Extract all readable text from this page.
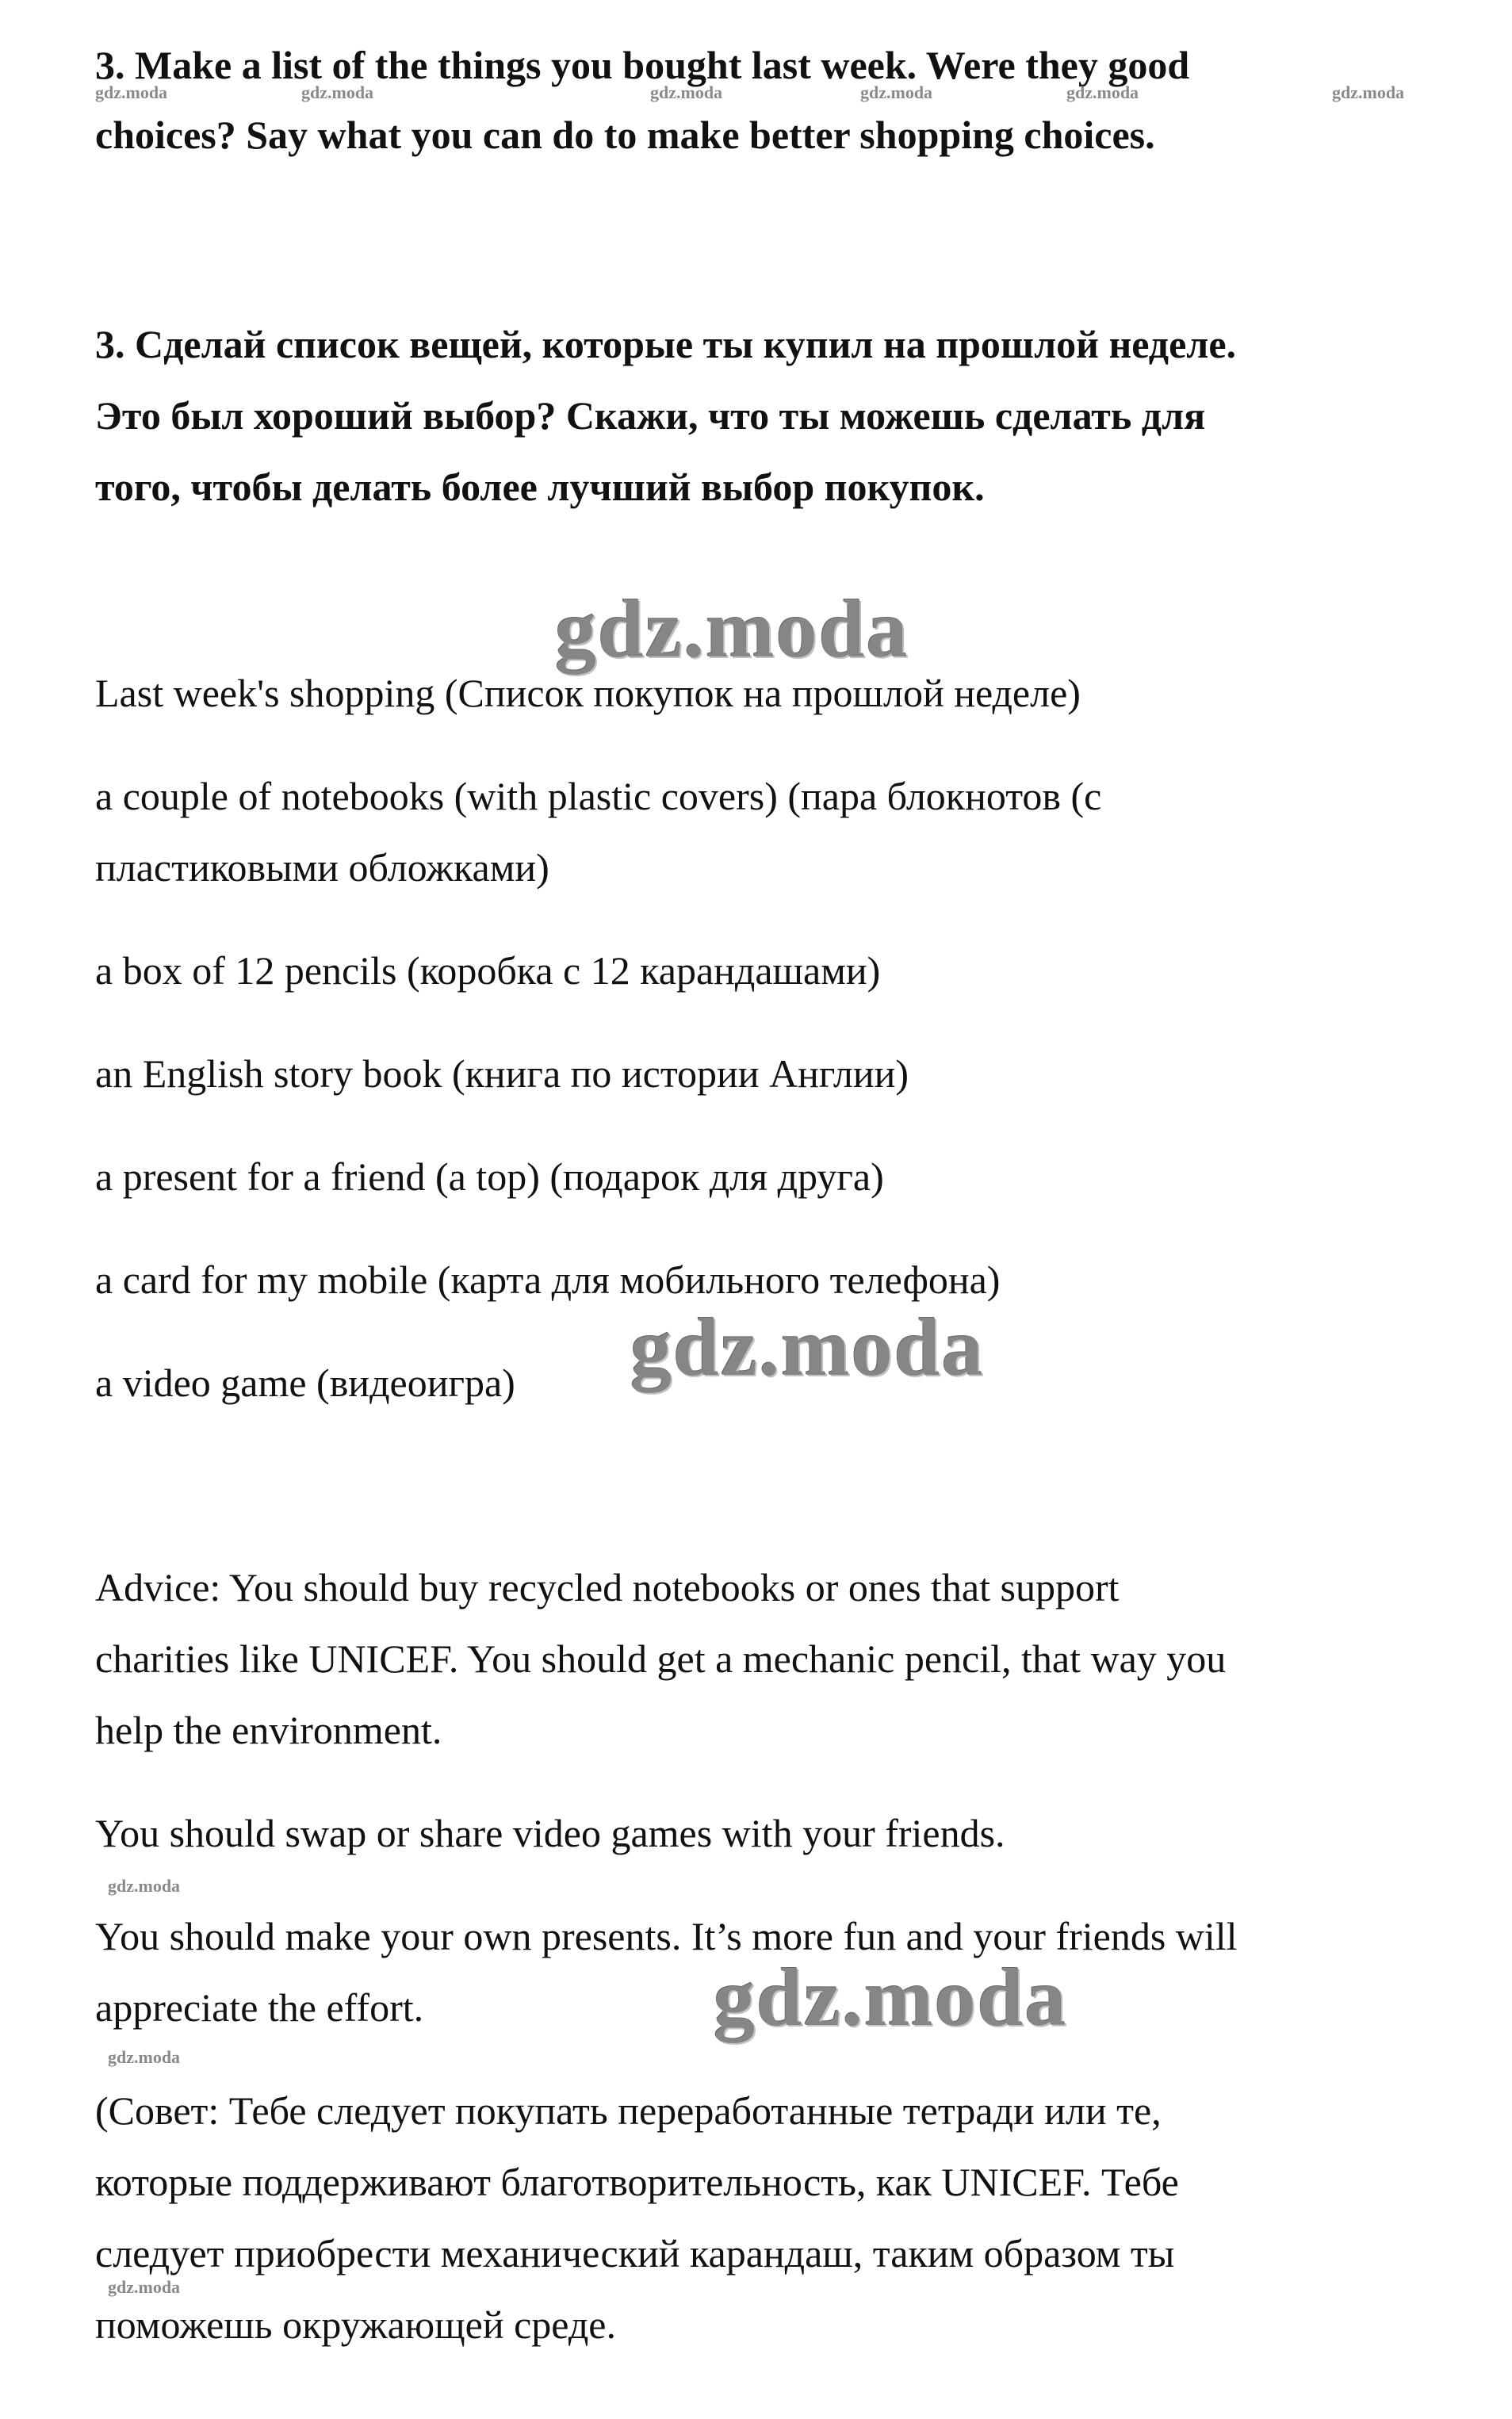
3. Make a list of the things you bought last week. Were they good
choices? Say what you can do to make better shopping choices.
3. Сделай список вещей, которые ты купил на прошлой неделе.
Это был хороший выбор? Скажи, что ты можешь сделать для
того, чтобы делать более лучший выбор покупок.
Last week's shopping (Список покупок на прошлой неделе)
a couple of notebooks (with plastic covers) (пара блокнотов (с
пластиковыми обложками)
a box of 12 pencils (коробка с 12 карандашами)
an English story book (книга по истории Англии)
a present for a friend (a top) (подарок для друга)
a card for my mobile (карта для мобильного телефона)
a video game (видеоигра)
Advice: You should buy recycled notebooks or ones that support
charities like UNICEF. You should get a mechanic pencil, that way you
help the environment.
You should swap or share video games with your friends.
You should make your own presents. It’s more fun and your friends will
appreciate the effort.
(Совет: Тебе следует покупать переработанные тетради или те,
которые поддерживают благотворительность, как UNICEF. Тебе
следует приобрести механический карандаш, таким образом ты
поможешь окружающей среде.
gdz.moda	gdz.moda	gdz.moda	gdz.moda	gdz.moda	gdz.moda
gdz.moda
gdz.moda
gdz.moda
gdz.moda
gdz.moda
gdz.moda
